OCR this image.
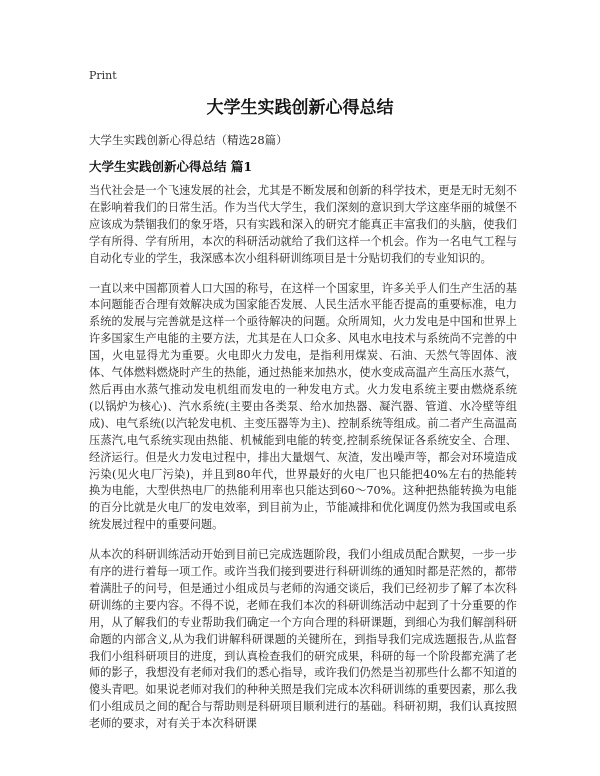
Print
大学生实践创新心得总结
大学生实践创新心得总结（精选28篇）
大学生实践创新心得总结 篇1

当代社会是一个飞速发展的社会，尤其是不断发展和创新的科学技术，更是无时无刻不在影响着我们的日常生活。作为当代大学生，我们深刻的意识到大学这座华丽的城堡不应该成为禁锢我们的象牙塔，只有实践和深入的研究才能真正丰富我们的头脑，使我们学有所得、学有所用，本次的科研活动就给了我们这样一个机会。作为一名电气工程与自动化专业的学生，我深感本次小组科研训练项目是十分贴切我们的专业知识的。

一直以来中国都顶着人口大国的称号，在这样一个国家里，许多关乎人们生产生活的基本问题能否合理有效解决成为国家能否发展、人民生活水平能否提高的重要标准，电力系统的发展与完善就是这样一个亟待解决的问题。众所周知，火力发电是中国和世界上许多国家生产电能的主要方法，尤其是在人口众多、风电水电技术与系统尚不完善的中国，火电显得尤为重要。火电即火力发电，是指利用煤炭、石油、天然气等固体、液体、气体燃料燃烧时产生的热能，通过热能来加热水，使水变成高温产生高压水蒸气，然后再由水蒸气推动发电机组而发电的一种发电方式。火力发电系统主要由燃烧系统(以锅炉为核心)、汽水系统(主要由各类泵、给水加热器、凝汽器、管道、水冷壁等组成)、电气系统(以汽轮发电机、主变压器等为主)、控制系统等组成。前二者产生高温高压蒸汽,电气系统实现由热能、机械能到电能的转变,控制系统保证各系统安全、合理、经济运行。但是火力发电过程中，排出大量烟气、灰渣，发出噪声等，都会对环境造成污染(见火电厂污染)，并且到80年代，世界最好的火电厂也只能把40%左右的热能转换为电能，大型供热电厂的热能利用率也只能达到60～70%。这种把热能转换为电能的百分比就是火电厂的发电效率，到目前为止，节能减排和优化调度仍然为我国或电系统发展过程中的重要问题。

从本次的科研训练活动开始到目前已完成选题阶段，我们小组成员配合默契，一步一步有序的进行着每一项工作。或许当我们接到要进行科研训练的通知时都是茫然的，都带着满肚子的问号，但是通过小组成员与老师的沟通交谈后，我们已经初步了解了本次科研训练的主要内容。不得不说，老师在我们本次的科研训练活动中起到了十分重要的作用，从了解我们的专业帮助我们确定一个方向合理的科研课题，到细心为我们解剖科研命题的内部含义,从为我们讲解科研课题的关键所在，到指导我们完成选题报告,从监督我们小组科研项目的进度，到认真检查我们的研究成果，科研的每一个阶段都充满了老师的影子，我想没有老师对我们的悉心指导，或许我们仍然是当初那些什么都不知道的傻头青吧。如果说老师对我们的种种关照是我们完成本次科研训练的重要因素，那么我们小组成员之间的配合与帮助则是科研项目顺利进行的基础。科研初期，我们认真按照老师的要求，对有关于本次科研课
